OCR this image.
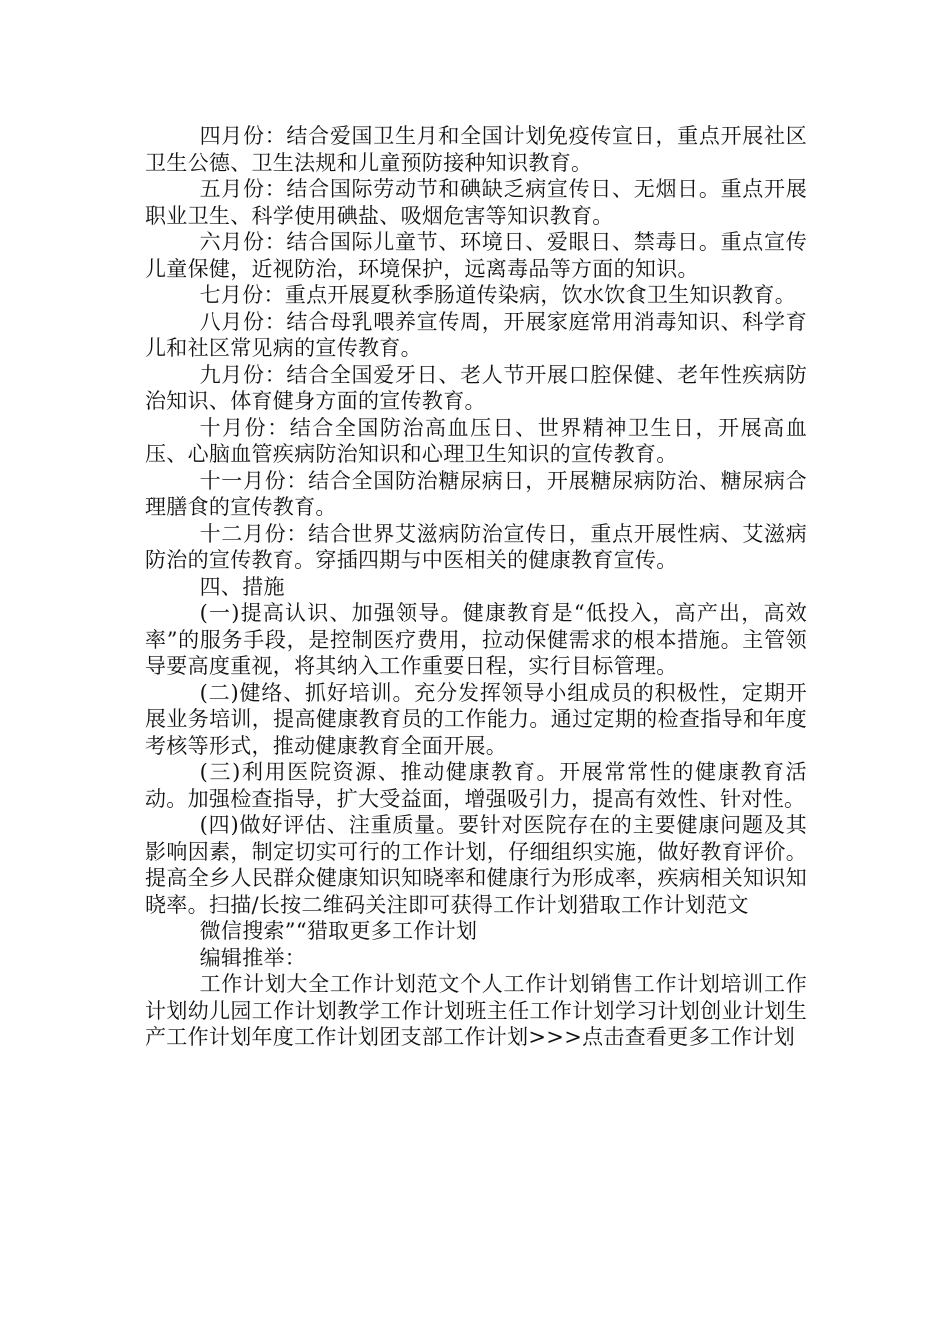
四月份：结合爱国卫生月和全国计划免疫传宣日，重点开展社区卫生公德、卫生法规和儿童预防接种知识教育。

五月份：结合国际劳动节和碘缺乏病宣传日、无烟日。重点开展职业卫生、科学使用碘盐、吸烟危害等知识教育。

六月份：结合国际儿童节、环境日、爱眼日、禁毒日。重点宣传儿童保健，近视防治，环境保护，远离毒品等方面的知识。

七月份：重点开展夏秋季肠道传染病，饮水饮食卫生知识教育。

八月份：结合母乳喂养宣传周，开展家庭常用消毒知识、科学育儿和社区常见病的宣传教育。

九月份：结合全国爱牙日、老人节开展口腔保健、老年性疾病防治知识、体育健身方面的宣传教育。

十月份：结合全国防治高血压日、世界精神卫生日，开展高血压、心脑血管疾病防治知识和心理卫生知识的宣传教育。

十一月份：结合全国防治糖尿病日，开展糖尿病防治、糖尿病合理膳食的宣传教育。

十二月份：结合世界艾滋病防治宣传日，重点开展性病、艾滋病防治的宣传教育。穿插四期与中医相关的健康教育宣传。

四、措施

(一)提高认识、加强领导。健康教育是“低投入，高产出，高效率”的服务手段，是控制医疗费用，拉动保健需求的根本措施。主管领导要高度重视，将其纳入工作重要日程，实行目标管理。

(二)健络、抓好培训。充分发挥领导小组成员的积极性，定期开展业务培训，提高健康教育员的工作能力。通过定期的检查指导和年度考核等形式，推动健康教育全面开展。

(三)利用医院资源、推动健康教育。开展常常性的健康教育活动。加强检查指导，扩大受益面，增强吸引力，提高有效性、针对性。

(四)做好评估、注重质量。要针对医院存在的主要健康问题及其影响因素，制定切实可行的工作计划，仔细组织实施，做好教育评价。提高全乡人民群众健康知识知晓率和健康行为形成率，疾病相关知识知晓率。扫描/长按二维码关注即可获得工作计划猎取工作计划范文

微信搜索”“猎取更多工作计划

编辑推举：

工作计划大全工作计划范文个人工作计划销售工作计划培训工作计划幼儿园工作计划教学工作计划班主任工作计划学习计划创业计划生产工作计划年度工作计划团支部工作计划>>>点击查看更多工作计划
